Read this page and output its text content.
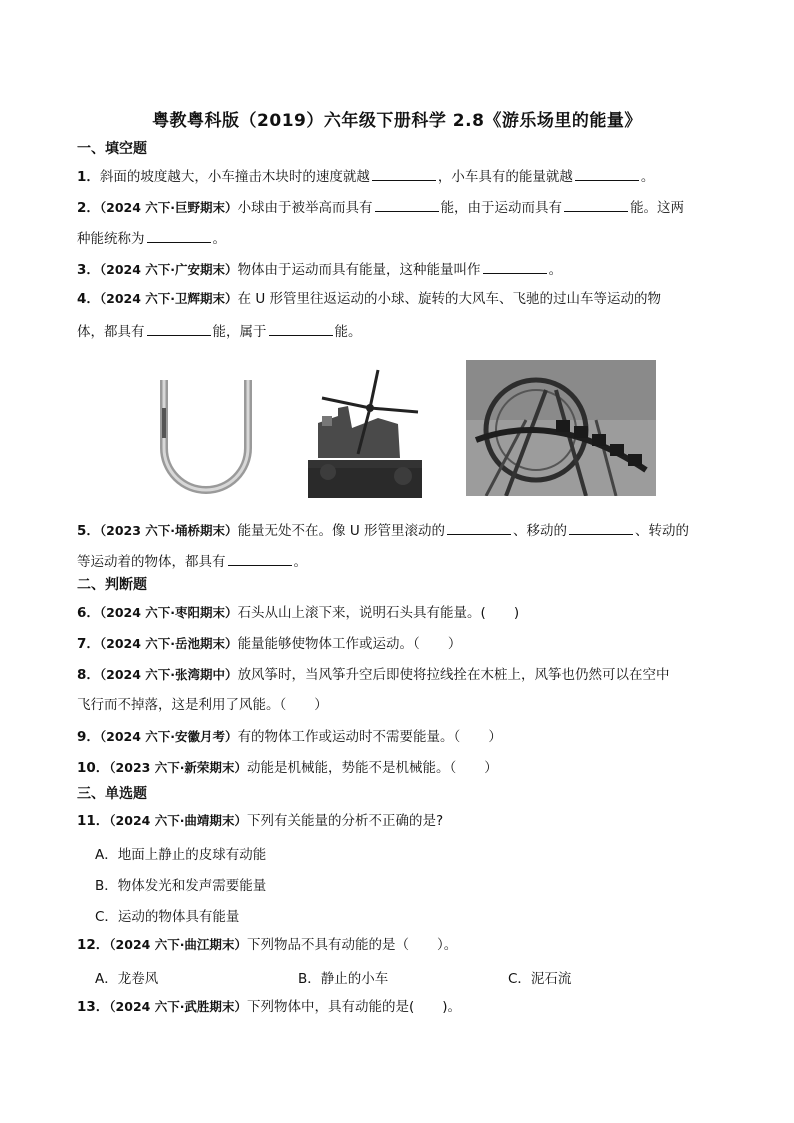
粤教粤科版（2019）六年级下册科学 2.8《游乐场里的能量》
一、填空题
1．斜面的坡度越大，小车撞击木块时的速度就越	，小车具有的能量就越	。
2．（2024 六下·巨野期末）小球由于被举高而具有	能，由于运动而具有	能。这两
种能统称为	。
3．（2024 六下·广安期末）物体由于运动而具有能量，这种能量叫作	。
4．（2024 六下·卫辉期末）在 U 形管里往返运动的小球、旋转的大风车、飞驰的过山车等运动的物
体，都具有	能，属于	能。
5．（2023 六下·埇桥期末）能量无处不在。像 U 形管里滚动的	、移动的	、转动的
等运动着的物体，都具有	。
二、判断题
6．（2024 六下·枣阳期末）石头从山上滚下来，说明石头具有能量。( )
7．（2024 六下·岳池期末）能量能够使物体工作或运动。（ ）
8．（2024 六下·张湾期中）放风筝时，当风筝升空后即使将拉线拴在木桩上，风筝也仍然可以在空中
飞行而不掉落，这是利用了风能。（ ）
9．（2024 六下·安徽月考）有的物体工作或运动时不需要能量。（ ）
10．（2023 六下·新荣期末）动能是机械能，势能不是机械能。（ ）
三、单选题
11．（2024 六下·曲靖期末）下列有关能量的分析不正确的是?
A．地面上静止的皮球有动能
B．物体发光和发声需要能量
C．运动的物体具有能量
12．（2024 六下·曲江期末）下列物品不具有动能的是（ ）。
A．龙卷风	B．静止的小车	C．泥石流
13．（2024 六下·武胜期末）下列物体中，具有动能的是( )。
